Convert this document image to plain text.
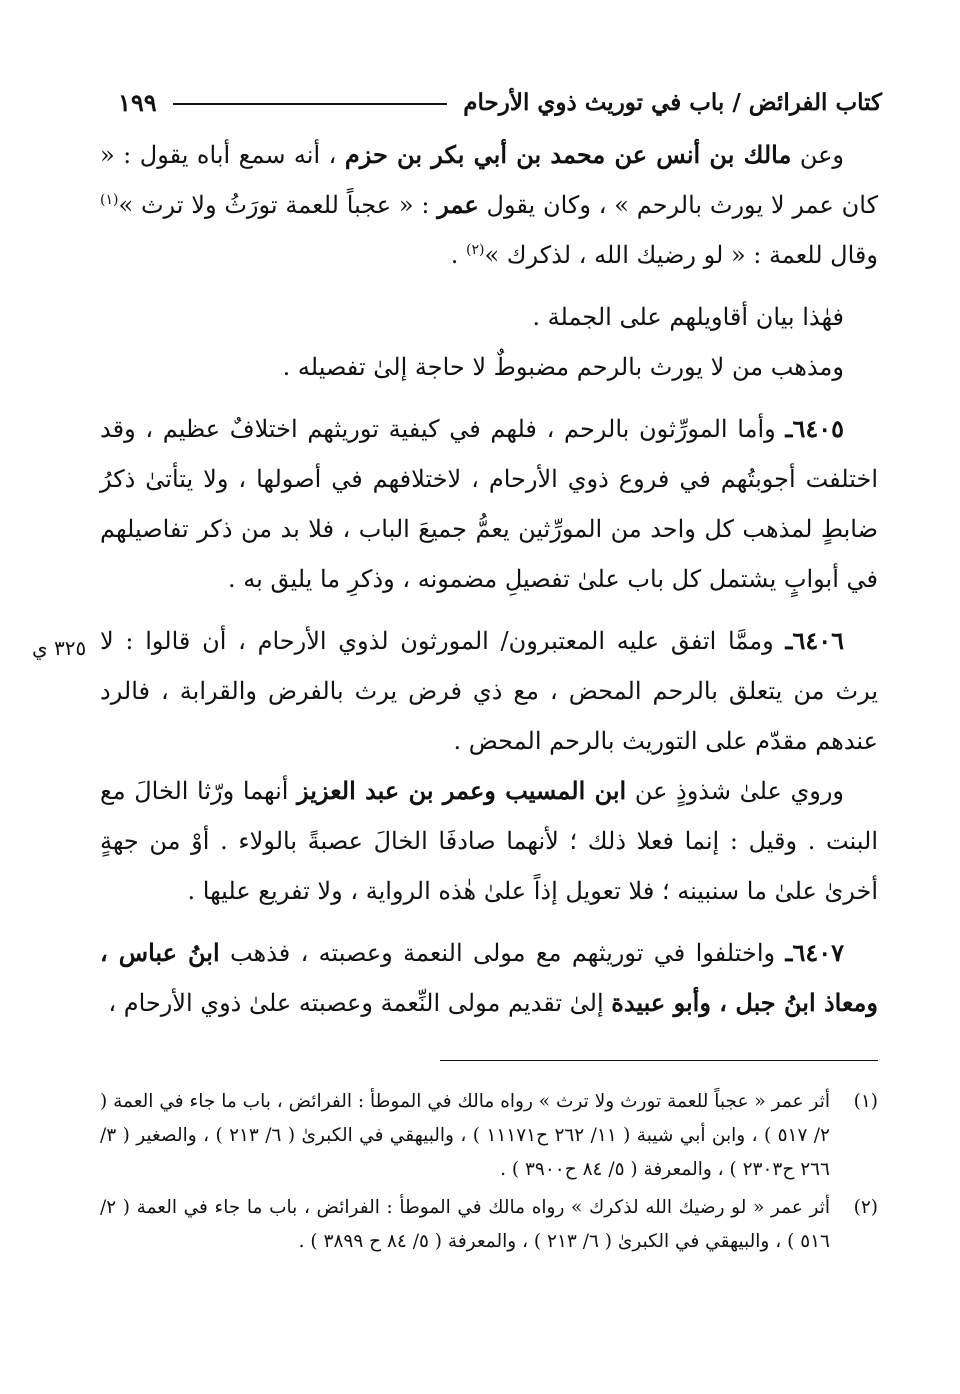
كتاب الفرائض / باب في توريث ذوي الأرحام
١٩٩
٣٢٥ ي

وعن مالك بن أنس عن محمد بن أبي بكر بن حزم ، أنه سمع أباه يقول : « كان عمر لا يورث بالرحم » ، وكان يقول عمر : « عجباً للعمة تورَثُ ولا ترث »$^{(١)}$ وقال للعمة : « لو رضيك الله ، لذكرك »$^{(٢)}$ .

فهٰذا بيان أقاويلهم على الجملة .

ومذهب من لا يورث بالرحم مضبوطٌ لا حاجة إلىٰ تفصيله .

٦٤٠٥ـ وأما المورِّثون بالرحم ، فلهم في كيفية توريثهم اختلافٌ عظيم ، وقد اختلفت أجوبتُهم في فروع ذوي الأرحام ، لاختلافهم في أصولها ، ولا يتأتىٰ ذكرُ ضابطٍ لمذهب كل واحد من المورِّثين يعمُّ جميعَ الباب ، فلا بد من ذكر تفاصيلهم في أبوابٍ يشتمل كل باب علىٰ تفصيلِ مضمونه ، وذكرِ ما يليق به .

٦٤٠٦ـ وممَّا اتفق عليه المعتبرون/ المورثون لذوي الأرحام ، أن قالوا : لا يرث من يتعلق بالرحم المحض ، مع ذي فرض يرث بالفرض والقرابة ، فالرد عندهم مقدّم على التوريث بالرحم المحض .

وروي علىٰ شذوذٍ عن ابن المسيب وعمر بن عبد العزيز أنهما ورّثا الخالَ مع البنت . وقيل : إنما فعلا ذلك ؛ لأنهما صادفَا الخالَ عصبةً بالولاء . أوْ من جهةٍ أخرىٰ علىٰ ما سنبينه ؛ فلا تعويل إذاً علىٰ هٰذه الرواية ، ولا تفريع عليها .

٦٤٠٧ـ واختلفوا في توريثهم مع مولى النعمة وعصبته ، فذهب ابنُ عباس ، ومعاذ ابنُ جبل ، وأبو عبيدة إلىٰ تقديم مولى النِّعمة وعصبته علىٰ ذوي الأرحام ،

(١)
أثر عمر « عجباً للعمة تورث ولا ترث » رواه مالك في الموطأ : الفرائض ، باب ما جاء في العمة ( ٢/ ٥١٧ ) ، وابن أبي شيبة ( ١١/ ٢٦٢ ح١١١٧١ ) ، والبيهقي في الكبرىٰ ( ٦/ ٢١٣ ) ، والصغير ( ٣/ ٢٦٦ ح٢٣٠٣ ) ، والمعرفة ( ٥/ ٨٤ ح٣٩٠٠ ) .
(٢)
أثر عمر « لو رضيك الله لذكرك » رواه مالك في الموطأ : الفرائض ، باب ما جاء في العمة ( ٢/ ٥١٦ ) ، والبيهقي في الكبرىٰ ( ٦/ ٢١٣ ) ، والمعرفة ( ٥/ ٨٤ ح ٣٨٩٩ ) .
